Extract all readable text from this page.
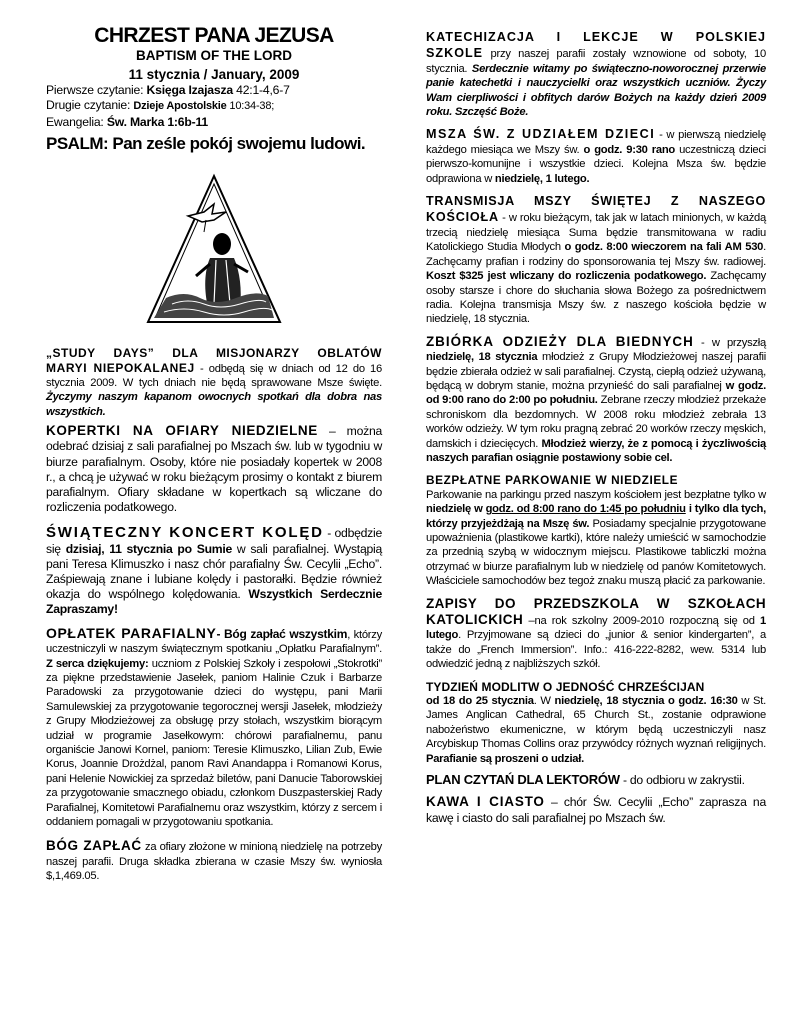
CHRZEST PANA JEZUSA

BAPTISM OF THE LORD

11 stycznia / January, 2009

Pierwsze czytanie: Księga Izajasza 42:1-4,6-7

Drugie czytanie: Dzieje Apostolskie 10:34-38;

Ewangelia: Św. Marka 1:6b-11

PSALM: Pan ześle pokój swojemu ludowi.

„STUDY DAYS” DLA MISJONARZY OBLATÓW

MARYI NIEPOKALANEJ - odbędą się w dniach od 12 do 16 stycznia 2009. W tych dniach nie będą sprawowane Msze święte. Życzymy naszym kapanom owocnych spotkań dla dobra nas wszystkich.

KOPERTKI NA OFIARY NIEDZIELNE – można odebrać dzisiaj z sali parafialnej po Mszach św. lub w tygodniu w biurze parafialnym. Osoby, które nie posiadały kopertek w 2008 r., a chcą je używać w roku bieżącym prosimy o kontakt z biurem parafialnym. Ofiary składane w kopertkach są wliczane do rozliczenia podatkowego.

ŚWIĄTECZNY KONCERT KOLĘD - odbędzie się dzisiaj, 11 stycznia po Sumie w sali parafialnej. Wystąpią pani Teresa Klimuszko i nasz chór parafialny Św. Cecylii „Echo”. Zaśpiewają znane i lubiane kolędy i pastorałki. Będzie również okazja do wspólnego kolędowania. Wszystkich Serdecznie Zapraszamy!

OPŁATEK PARAFIALNY- Bóg zapłać wszystkim, którzy uczestniczyli w naszym świątecznym spotkaniu „Opłatku Parafialnym”. Z serca dziękujemy: uczniom z Polskiej Szkoły i zespołowi „Stokrotki” za piękne przedstawienie Jasełek, paniom Halinie Czuk i Barbarze Paradowski za przygotowanie dzieci do występu, pani Marii Samulewskiej za przygotowanie tegorocznej wersji Jasełek, młodzieży z Grupy Młodzieżowej za obsługę przy stołach, wszystkim biorącym udział w programie Jasełkowym: chórowi parafialnemu, panu organiście Janowi Kornel, paniom: Teresie Klimuszko, Lilian Zub, Ewie Korus, Joannie Drożdżal, panom Ravi Anandappa i Romanowi Korus, pani Helenie Nowickiej za sprzedaż biletów, pani Danucie Taborowskiej za przygotowanie smacznego obiadu, członkom Duszpasterskiej Rady Parafialnej, Komitetowi Parafialnemu oraz wszystkim, którzy z sercem i oddaniem pomagali w przygotowaniu spotkania.

BÓG ZAPŁAĆ za ofiary złożone w minioną niedzielę na potrzeby naszej parafii. Druga składka zbierana w czasie Mszy św. wyniosła $,1,469.05.

KATECHIZACJA I LEKCJE W POLSKIEJ

SZKOLE przy naszej parafii zostały wznowione od soboty, 10 stycznia. Serdecznie witamy po świąteczno-noworocznej przerwie panie katechetki i nauczycielki oraz wszystkich uczniów. Życzy Wam cierpliwości i obfitych darów Bożych na każdy dzień 2009 roku. Szczęść Boże.

MSZA ŚW. Z UDZIAŁEM DZIECI - w pierwszą niedzielę każdego miesiąca we Mszy św. o godz. 9:30 rano uczestniczą dzieci pierwszo-komunijne i wszystkie dzieci. Kolejna Msza św. będzie odprawiona w niedzielę, 1 lutego.

TRANSMISJA MSZY ŚWIĘTEJ Z NASZEGO

KOŚCIOŁA - w roku bieżącym, tak jak w latach minionych, w każdą trzecią niedzielę miesiąca Suma będzie transmitowana w radiu Katolickiego Studia Młodych o godz. 8:00 wieczorem na fali AM 530. Zachęcamy prafian i rodziny do sponsorowania tej Mszy św. radiowej. Koszt $325 jest wliczany do rozliczenia podatkowego. Zachęcamy osoby starsze i chore do słuchania słowa Bożego za pośrednictwem radia. Kolejna transmisja Mszy św. z naszego kościoła będzie w niedzielę, 18 stycznia.

ZBIÓRKA ODZIEŻY DLA BIEDNYCH - w przyszłą niedzielę, 18 stycznia młodzież z Grupy Młodzieżowej naszej parafii będzie zbierała odzież w sali parafialnej. Czystą, ciepłą odzież używaną, będącą w dobrym stanie, można przynieść do sali parafialnej w godz. od 9:00 rano do 2:00 po południu. Zebrane rzeczy młodzież przekaże schroniskom dla bezdomnych. W 2008 roku młodzież zebrała 13 worków odzieży. W tym roku pragną zebrać 20 worków rzeczy męskich, damskich i dziecięcych. Młodzież wierzy, że z pomocą i życzliwością naszych parafian osiągnie postawiony sobie cel.

BEZPŁATNE PARKOWANIE W NIEDZIELE

Parkowanie na parkingu przed naszym kościołem jest bezpłatne tylko w niedzielę w godz. od 8:00 rano do 1:45 po południu i tylko dla tych, którzy przyjeżdżają na Mszę św. Posiadamy specjalnie przygotowane upoważnienia (plastikowe kartki), które należy umieścić w samochodzie za przednią szybą w widocznym miejscu. Plastikowe tabliczki można otrzymać w biurze parafialnym lub w niedzielę od panów Komitetowych. Właściciele samochodów bez tegoż znaku muszą płacić za parkowanie.

ZAPISY DO PRZEDSZKOLA W SZKOŁACH

KATOLICKICH –na rok szkolny 2009-2010 rozpoczną się od 1 lutego. Przyjmowane są dzieci do „junior & senior kindergarten”, a także do „French Immersion”. Info.: 416-222-8282, wew. 5314 lub odwiedzić jedną z najbliższych szkół.

TYDZIEŃ MODLITW O JEDNOŚĆ CHRZEŚCIJAN

od 18 do 25 stycznia. W niedzielę, 18 stycznia o godz. 16:30 w St. James Anglican Cathedral, 65 Church St., zostanie odprawione nabożeństwo ekumeniczne, w którym będą uczestniczyli nasz Arcybiskup Thomas Collins oraz przywódcy różnych wyznań religijnych. Parafianie są proszeni o udział.

PLAN CZYTAŃ DLA LEKTORÓW - do odbioru w zakrystii.

KAWA I CIASTO – chór Św. Cecylii „Echo” zaprasza na kawę i ciasto do sali parafialnej po Mszach św.
